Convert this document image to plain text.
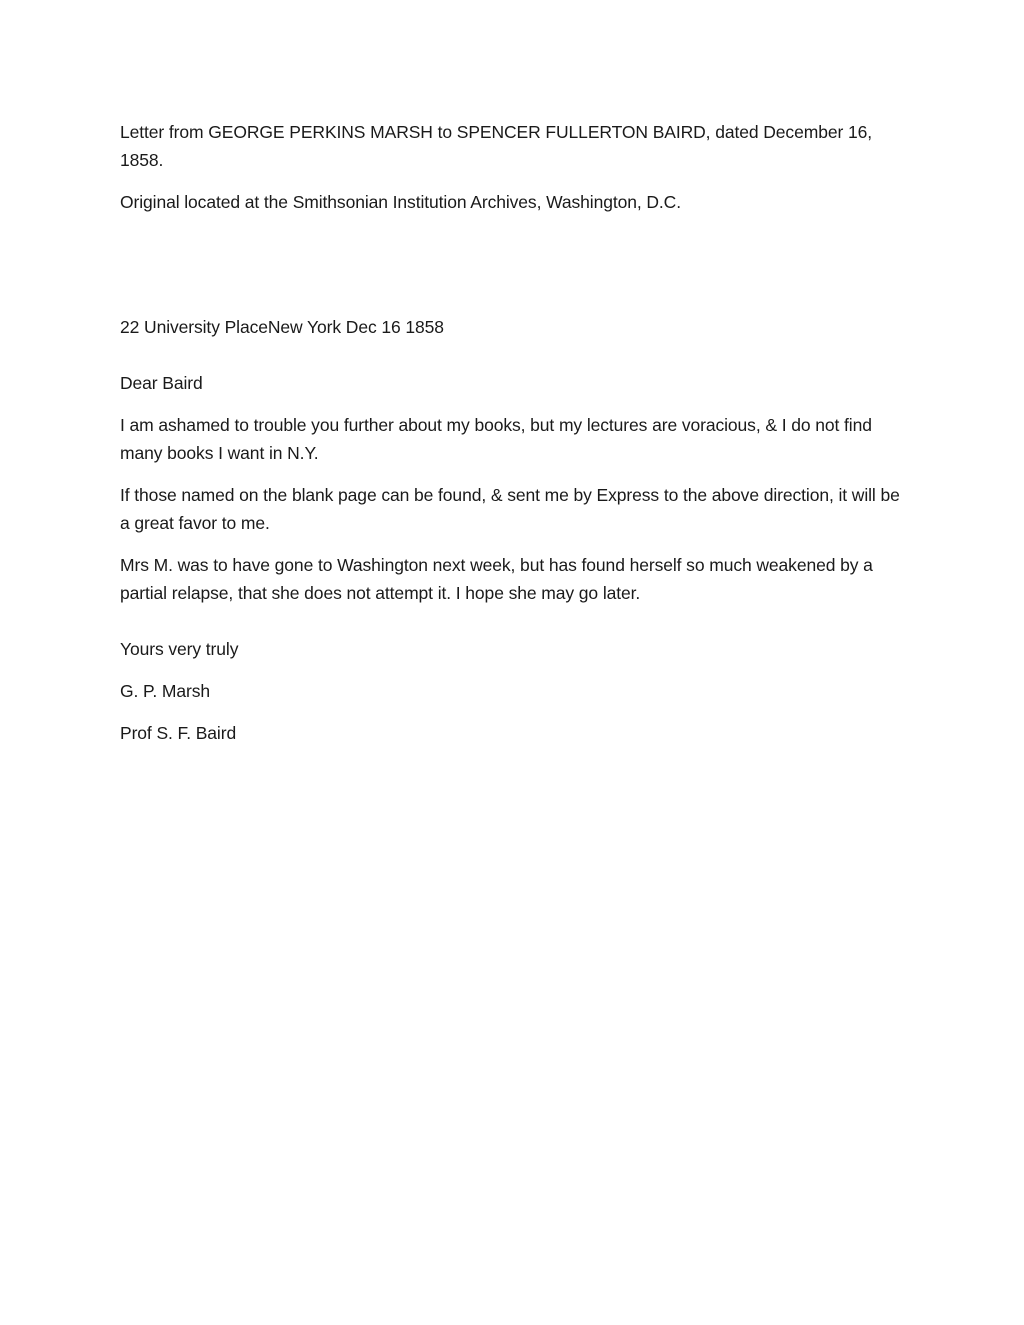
Letter from GEORGE PERKINS MARSH to SPENCER FULLERTON BAIRD, dated December 16, 1858.

Original located at the Smithsonian Institution Archives, Washington, D.C.

22 University PlaceNew York Dec 16 1858

Dear Baird

I am ashamed to trouble you further about my books, but my lectures are voracious, & I do not find many books I want in N.Y.

If those named on the blank page can be found, & sent me by Express to the above direction, it will be a great favor to me.

Mrs M. was to have gone to Washington next week, but has found herself so much weakened by a partial relapse, that she does not attempt it. I hope she may go later.

Yours very truly

G. P. Marsh

Prof S. F. Baird
